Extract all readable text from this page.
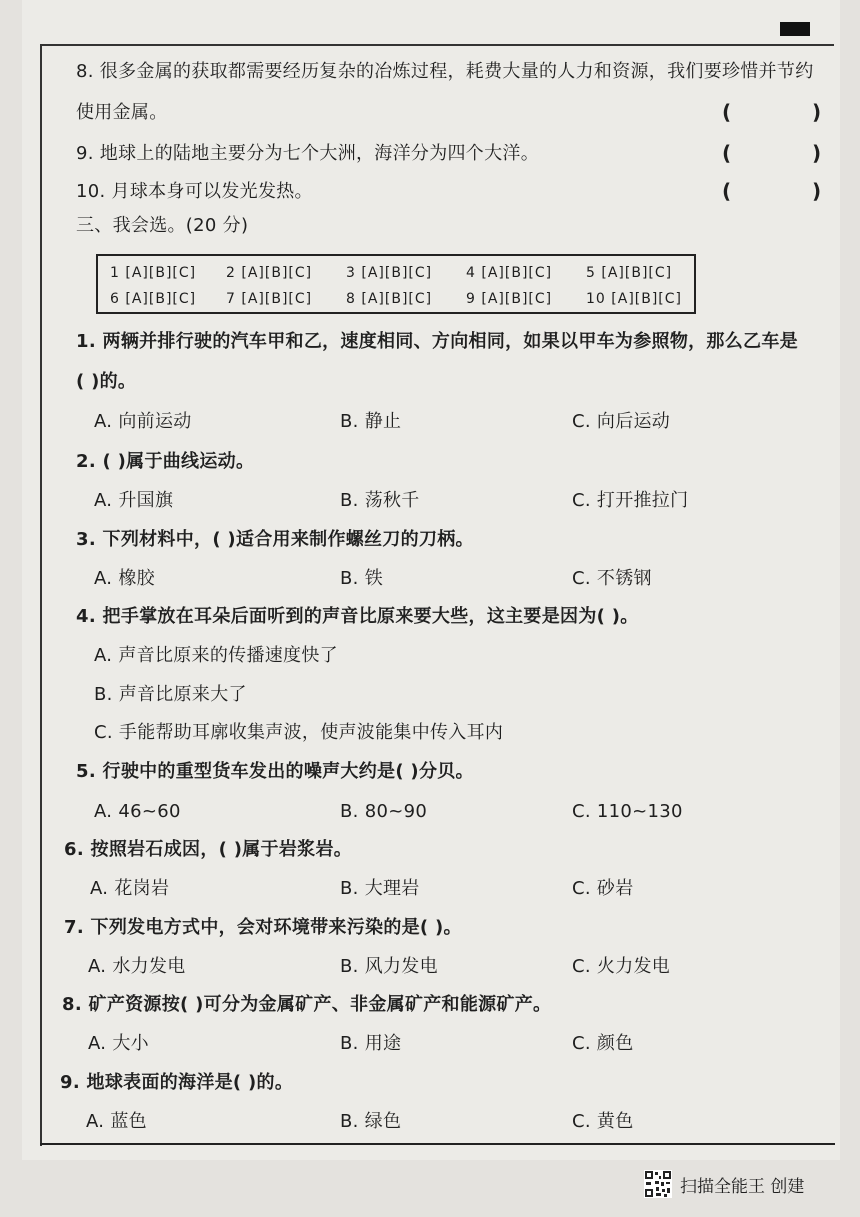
8. 很多金属的获取都需要经历复杂的冶炼过程，耗费大量的人力和资源，我们要珍惜并节约
使用金属。	(	)
9. 地球上的陆地主要分为七个大洲，海洋分为四个大洋。	(	)
10. 月球本身可以发光发热。	(	)
三、我会选。(20 分)
1 [A][B][C] 2 [A][B][C] 3 [A][B][C] 4 [A][B][C] 5 [A][B][C]
6 [A][B][C] 7 [A][B][C] 8 [A][B][C] 9 [A][B][C] 10 [A][B][C]
1. 两辆并排行驶的汽车甲和乙，速度相同、方向相同，如果以甲车为参照物，那么乙车是
( )的。
A. 向前运动	B. 静止	C. 向后运动
2. ( )属于曲线运动。
A. 升国旗	B. 荡秋千	C. 打开推拉门
3. 下列材料中，( )适合用来制作螺丝刀的刀柄。
A. 橡胶	B. 铁	C. 不锈钢
4. 把手掌放在耳朵后面听到的声音比原来要大些，这主要是因为( )。
A. 声音比原来的传播速度快了
B. 声音比原来大了
C. 手能帮助耳廓收集声波，使声波能集中传入耳内
5. 行驶中的重型货车发出的噪声大约是( )分贝。
A. 46~60	B. 80~90	C. 110~130
6. 按照岩石成因，( )属于岩浆岩。
A. 花岗岩	B. 大理岩	C. 砂岩
7. 下列发电方式中，会对环境带来污染的是( )。
A. 水力发电	B. 风力发电	C. 火力发电
8. 矿产资源按( )可分为金属矿产、非金属矿产和能源矿产。
A. 大小	B. 用途	C. 颜色
9. 地球表面的海洋是( )的。
A. 蓝色	B. 绿色	C. 黄色
扫描全能王 创建
